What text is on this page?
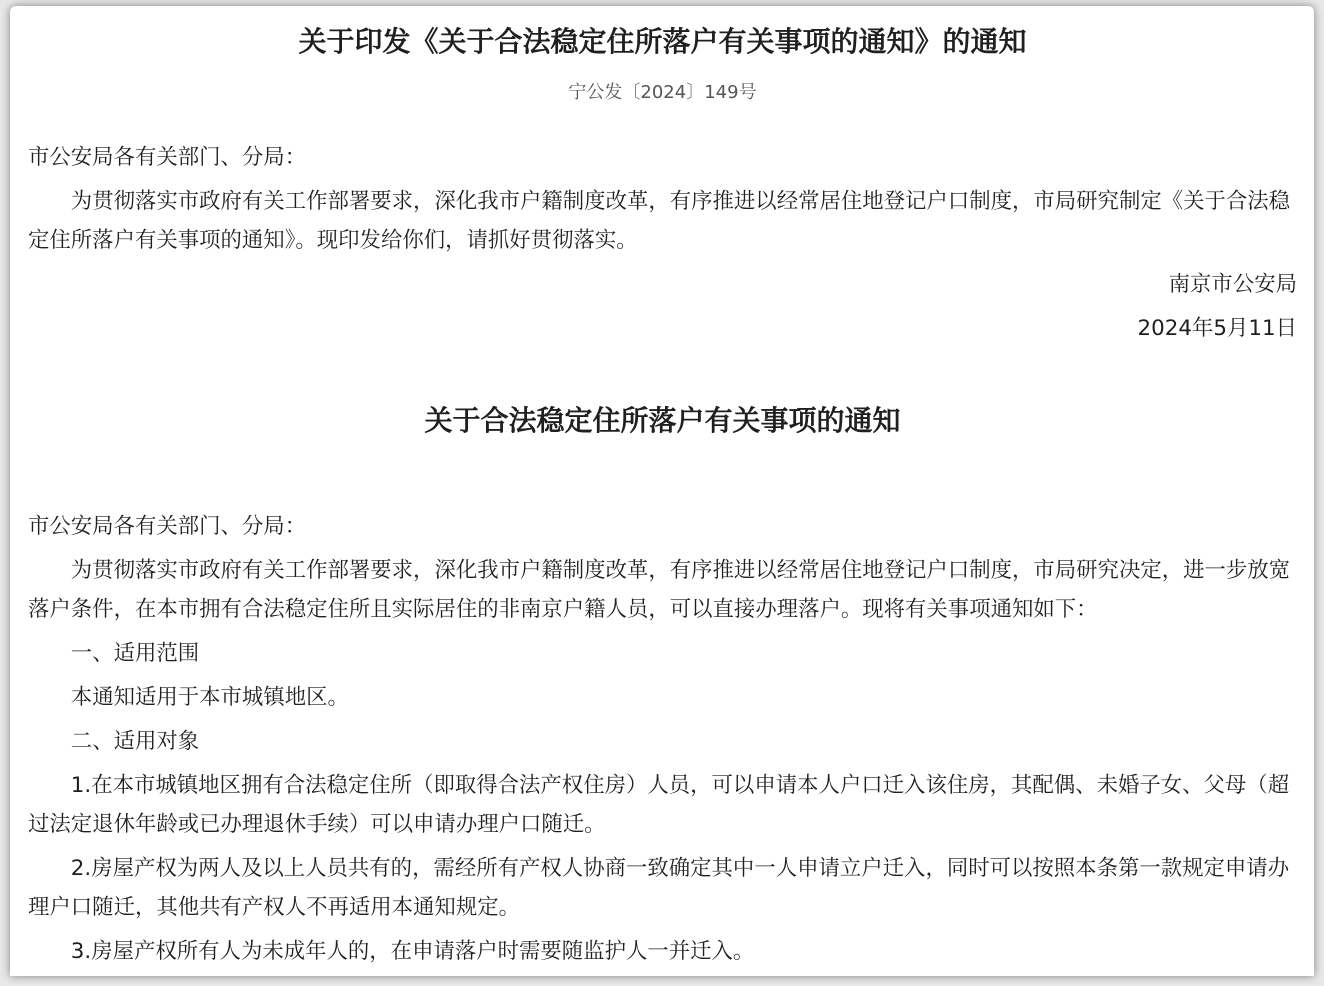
关于印发《关于合法稳定住所落户有关事项的通知》的通知
宁公发〔2024〕149号
市公安局各有关部门、分局：

为贯彻落实市政府有关工作部署要求，深化我市户籍制度改革，有序推进以经常居住地登记户口制度，市局研究制定《关于合法稳定住所落户有关事项的通知》。现印发给你们，请抓好贯彻落实。

南京市公安局
2024年5月11日
关于合法稳定住所落户有关事项的通知
市公安局各有关部门、分局：

为贯彻落实市政府有关工作部署要求，深化我市户籍制度改革，有序推进以经常居住地登记户口制度，市局研究决定，进一步放宽落户条件，在本市拥有合法稳定住所且实际居住的非南京户籍人员，可以直接办理落户。现将有关事项通知如下：

一、适用范围

本通知适用于本市城镇地区。

二、适用对象

1.在本市城镇地区拥有合法稳定住所（即取得合法产权住房）人员，可以申请本人户口迁入该住房，其配偶、未婚子女、父母（超过法定退休年龄或已办理退休手续）可以申请办理户口随迁。

2.房屋产权为两人及以上人员共有的，需经所有产权人协商一致确定其中一人申请立户迁入，同时可以按照本条第一款规定申请办理户口随迁，其他共有产权人不再适用本通知规定。

3.房屋产权所有人为未成年人的，在申请落户时需要随监护人一并迁入。
